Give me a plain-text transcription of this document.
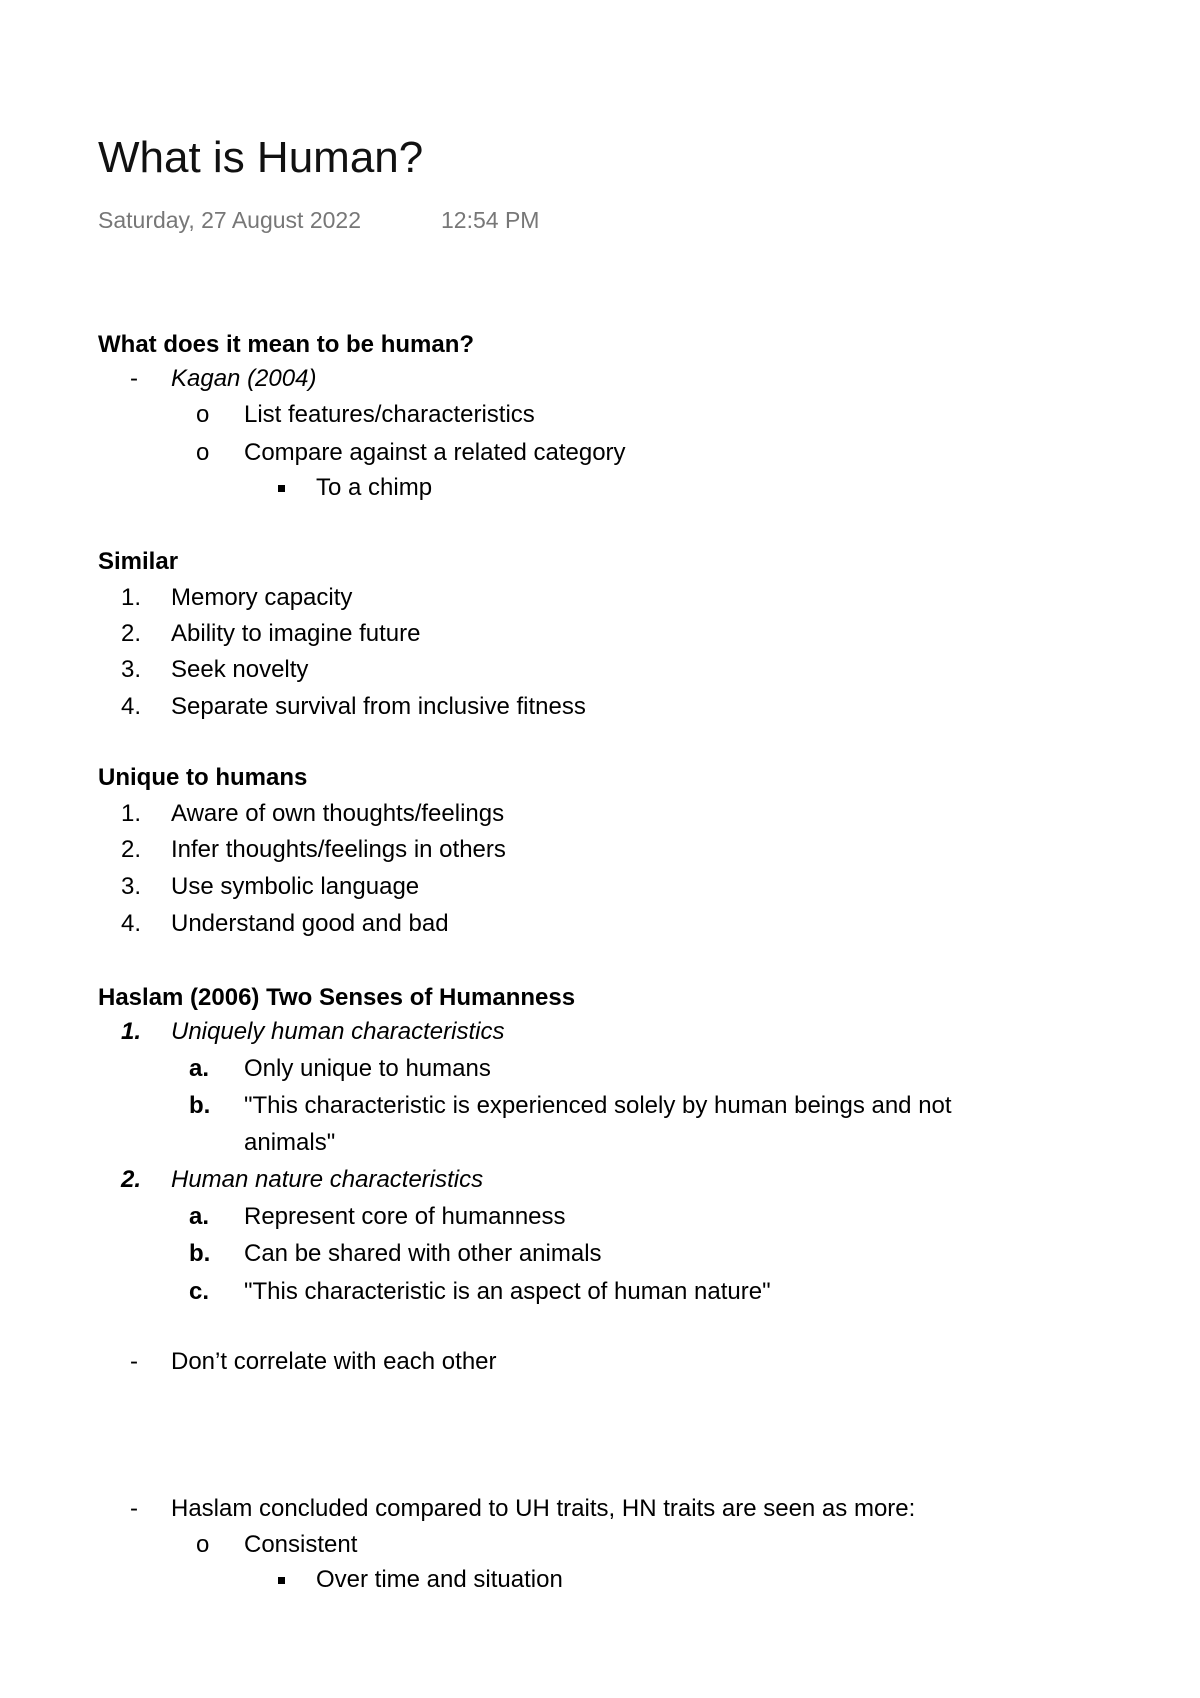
What is Human?
Saturday, 27 August 2022	12:54 PM
What does it mean to be human?
- Kagan (2004)
o List features/characteristics
o Compare against a related category
To a chimp
Similar
1. Memory capacity
2. Ability to imagine future
3. Seek novelty
4. Separate survival from inclusive fitness
Unique to humans
1. Aware of own thoughts/feelings
2. Infer thoughts/feelings in others
3. Use symbolic language
4. Understand good and bad
Haslam (2006) Two Senses of Humanness
1. Uniquely human characteristics
a. Only unique to humans
b. "This characteristic is experienced solely by human beings and not
animals"
2. Human nature characteristics
a. Represent core of humanness
b. Can be shared with other animals
c. "This characteristic is an aspect of human nature"
- Don’t correlate with each other
- Haslam concluded compared to UH traits, HN traits are seen as more:
o Consistent
Over time and situation
